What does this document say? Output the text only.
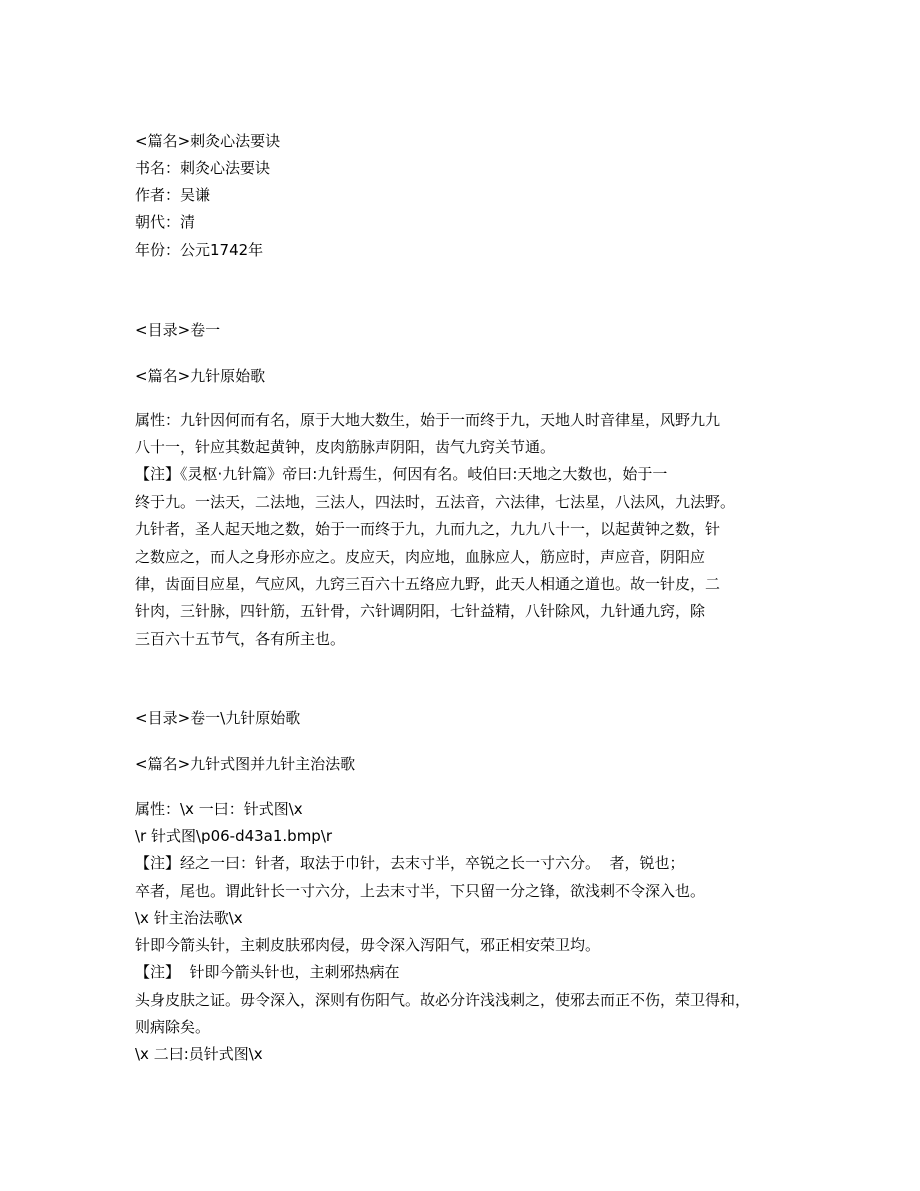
<篇名>刺灸心法要诀
书名：刺灸心法要诀
作者：吴谦
朝代：清
年份：公元1742年
<目录>卷一
<篇名>九针原始歌
属性：九针因何而有名，原于大地大数生，始于一而终于九，天地人时音律星，风野九九
八十一，针应其数起黄钟，皮肉筋脉声阴阳，齿气九窍关节通。
【注】《灵枢·九针篇》帝曰:九针焉生，何因有名。岐伯曰:天地之大数也，始于一
终于九。一法天，二法地，三法人，四法时，五法音，六法律，七法星，八法风，九法野。
九针者，圣人起天地之数，始于一而终于九，九而九之，九九八十一，以起黄钟之数，针
之数应之，而人之身形亦应之。皮应天，肉应地，血脉应人，筋应时，声应音，阴阳应
律，齿面目应星，气应风，九窍三百六十五络应九野，此天人相通之道也。故一针皮，二
针肉，三针脉，四针筋，五针骨，六针调阴阳，七针益精，八针除风，九针通九窍，除
三百六十五节气，各有所主也。
<目录>卷一\九针原始歌
<篇名>九针式图并九针主治法歌
属性：\x 一曰：针式图\x
\r 针式图\p06-d43a1.bmp\r
【注】经之一曰：针者，取法于巾针，去末寸半，卒锐之长一寸六分。  者，锐也；
卒者，尾也。谓此针长一寸六分，上去末寸半，下只留一分之锋，欲浅刺不令深入也。
\x 针主治法歌\x
针即今箭头针，主刺皮肤邪肉侵，毋令深入泻阳气，邪正相安荣卫均。
【注】  针即今箭头针也，主刺邪热病在
头身皮肤之证。毋令深入，深则有伤阳气。故必分许浅浅刺之，使邪去而正不伤，荣卫得和，
则病除矣。
\x 二曰:员针式图\x
